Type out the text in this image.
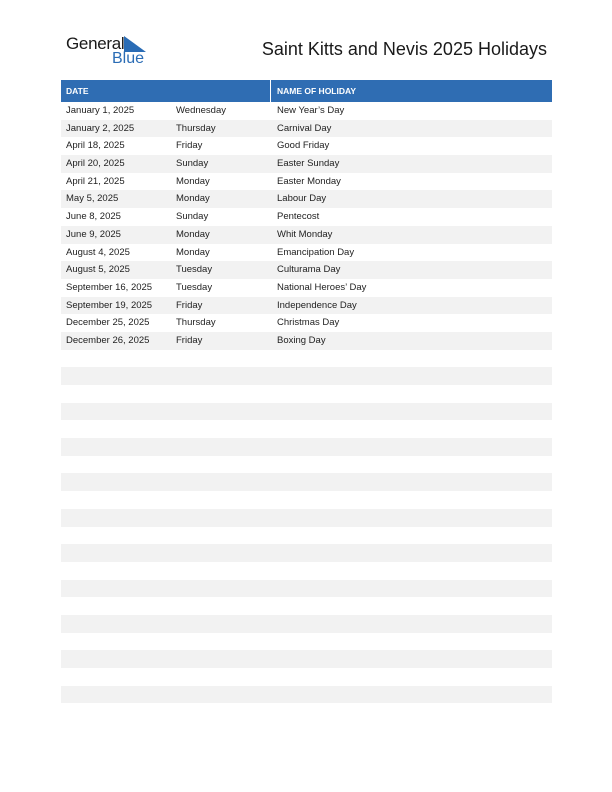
General
Blue	Saint Kitts and Nevis 2025 Holidays
DATE	NAME OF HOLIDAY
January 1, 2025	Wednesday	New Year’s Day
January 2, 2025	Thursday	Carnival Day
April 18, 2025	Friday	Good Friday
April 20, 2025	Sunday	Easter Sunday
April 21, 2025	Monday	Easter Monday
May 5, 2025	Monday	Labour Day
June 8, 2025	Sunday	Pentecost
June 9, 2025	Monday	Whit Monday
August 4, 2025	Monday	Emancipation Day
August 5, 2025	Tuesday	Culturama Day
September 16, 2025	Tuesday	National Heroes’ Day
September 19, 2025	Friday	Independence Day
December 25, 2025	Thursday	Christmas Day
December 26, 2025	Friday	Boxing Day
